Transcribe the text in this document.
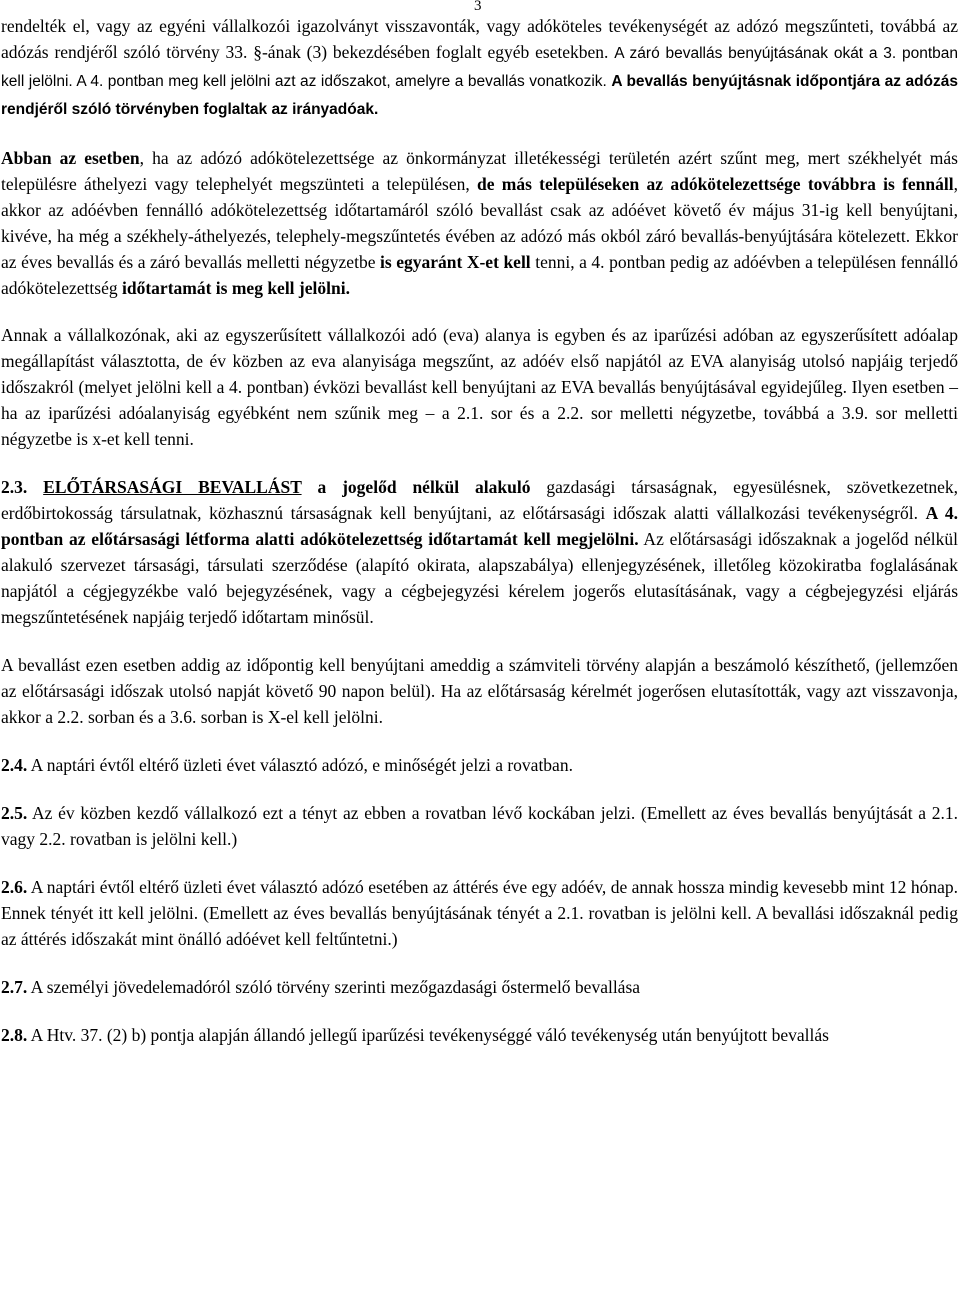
3

rendelték el, vagy az egyéni vállalkozói igazolványt visszavonták, vagy adóköteles tevékenységét az adózó megszűnteti, továbbá az adózás rendjéről szóló törvény 33. §-ának (3) bekezdésében foglalt egyéb esetekben. A záró bevallás benyújtásának okát a 3. pontban kell jelölni. A 4. pontban meg kell jelölni azt az időszakot, amelyre a bevallás vonatkozik. A bevallás benyújtásnak időpontjára az adózás rendjéről szóló törvényben foglaltak az irányadóak.

Abban az esetben, ha az adózó adókötelezettsége az önkormányzat illetékességi területén azért szűnt meg, mert székhelyét más településre áthelyezi vagy telephelyét megszünteti a településen, de más településeken az adókötelezettsége továbbra is fennáll, akkor az adóévben fennálló adókötelezettség időtartamáról szóló bevallást csak az adóévet követő év május 31-ig kell benyújtani, kivéve, ha még a székhely-áthelyezés, telephely-megszűntetés évében az adózó más okból záró bevallás-benyújtására kötelezett. Ekkor az éves bevallás és a záró bevallás melletti négyzetbe is egyaránt X-et kell tenni, a 4. pontban pedig az adóévben a településen fennálló adókötelezettség időtartamát is meg kell jelölni.

Annak a vállalkozónak, aki az egyszerűsített vállalkozói adó (eva) alanya is egyben és az iparűzési adóban az egyszerűsített adóalap megállapítást választotta, de év közben az eva alanyisága megszűnt, az adóév első napjától az EVA alanyiság utolsó napjáig terjedő időszakról (melyet jelölni kell a 4. pontban) évközi bevallást kell benyújtani az EVA bevallás benyújtásával egyidejűleg. Ilyen esetben – ha az iparűzési adóalanyiság egyébként nem szűnik meg – a 2.1. sor és a 2.2. sor melletti négyzetbe, továbbá a 3.9. sor melletti négyzetbe is x-et kell tenni.

2.3. ELŐTÁRSASÁGI BEVALLÁST a jogelőd nélkül alakuló gazdasági társaságnak, egyesülésnek, szövetkezetnek, erdőbirtokosság társulatnak, közhasznú társaságnak kell benyújtani, az előtársasági időszak alatti vállalkozási tevékenységről. A 4. pontban az előtársasági létforma alatti adókötelezettség időtartamát kell megjelölni. Az előtársasági időszaknak a jogelőd nélkül alakuló szervezet társasági, társulati szerződése (alapító okirata, alapszabálya) ellenjegyzésének, illetőleg közokiratba foglalásának napjától a cégjegyzékbe való bejegyzésének, vagy a cégbejegyzési kérelem jogerős elutasításának, vagy a cégbejegyzési eljárás megszűntetésének napjáig terjedő időtartam minősül.

A bevallást ezen esetben addig az időpontig kell benyújtani ameddig a számviteli törvény alapján a beszámoló készíthető, (jellemzően az előtársasági időszak utolsó napját követő 90 napon belül). Ha az előtársaság kérelmét jogerősen elutasították, vagy azt visszavonja, akkor a 2.2. sorban és a 3.6. sorban is X-el kell jelölni.

2.4. A naptári évtől eltérő üzleti évet választó adózó, e minőségét jelzi a rovatban.

2.5. Az év közben kezdő vállalkozó ezt a tényt az ebben a rovatban lévő kockában jelzi. (Emellett az éves bevallás benyújtását a 2.1. vagy 2.2. rovatban is jelölni kell.)

2.6. A naptári évtől eltérő üzleti évet választó adózó esetében az áttérés éve egy adóév, de annak hossza mindig kevesebb mint 12 hónap. Ennek tényét itt kell jelölni. (Emellett az éves bevallás benyújtásának tényét a 2.1. rovatban is jelölni kell. A bevallási időszaknál pedig az áttérés időszakát mint önálló adóévet kell feltűntetni.)

2.7. A személyi jövedelemadóról szóló törvény szerinti mezőgazdasági őstermelő bevallása

2.8. A Htv. 37. (2) b) pontja alapján állandó jellegű iparűzési tevékenységgé váló tevékenység után benyújtott bevallás
